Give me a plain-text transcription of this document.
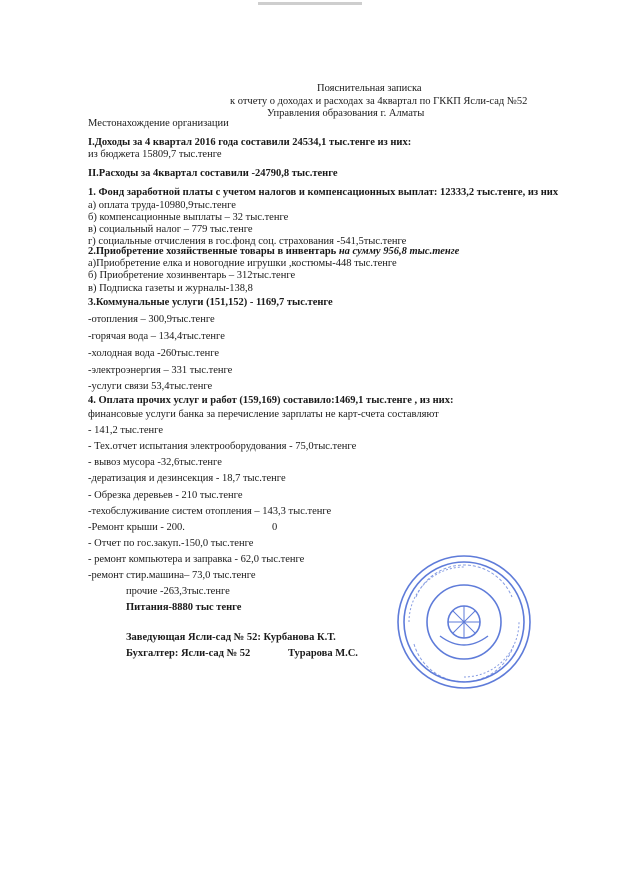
Пояснительная записка
к отчету о доходах и расходах за 4квартал по ГККП Ясли-сад №52
Управления образования г. Алматы
Местонахождение организации
I.Доходы за 4 квартал 2016 года составили 24534,1 тыс.тенге из них:
из бюджета 15809,7 тыс.тенге
II.Расходы за 4квартал составили -24790,8 тыс.тенге
1. Фонд заработной платы с учетом налогов и компенсационных выплат: 12333,2 тыс.тенге, из них
а) оплата труда-10980,9тыс.тенге
б) компенсационные выплаты – 32 тыс.тенге
в) социальный налог – 779 тыс.тенге
г) социальные отчисления в гос.фонд соц. страхования -541,5тыс.тенге
2.Приобретение хозяйственные товары в инвентарь на сумму 956,8 тыс.тенге
а)Приобретение елка и новогодние игрушки ,костюмы-448 тыс.тенге
б) Приобретение хозинвентарь – 312тыс.тенге
в) Подписка газеты и журналы-138,8
3.Коммунальные услуги (151,152) - 1169,7 тыс.тенге
-отопления – 300,9тыс.тенге
-горячая вода – 134,4тыс.тенге
-холодная вода -260тыс.тенге
-электроэнергия – 331 тыс.тенге
-услуги связи 53,4тыс.тенге
4. Оплата прочих услуг и работ (159,169) составило:1469,1 тыс.тенге , из них:
финансовые услуги банка за перечисление зарплаты не карт-счета составляют
- 141,2 тыс.тенге
- Тех.отчет испытания электрооборудования - 75,0тыс.тенге
- вывоз мусора -32,6тыс.тенге
-дератизация и дезинсекция - 18,7 тыс.тенге
- Обрезка деревьев - 210 тыс.тенге
-техобслуживание систем отопления – 143,3 тыс.тенге
-Ремонт крыши - 200.	0
- Отчет по гос.закуп.-150,0 тыс.тенге
- ремонт компьютера и заправка - 62,0 тыс.тенге
-ремонт стир.машина– 73,0 тыс.тенге
прочие -263,3тыс.тенге
Питания-8880 тыс тенге
Заведующая Ясли-сад № 52: Курбанова К.Т.
Бухгалтер: Ясли-сад № 52	Турарова М.С.
